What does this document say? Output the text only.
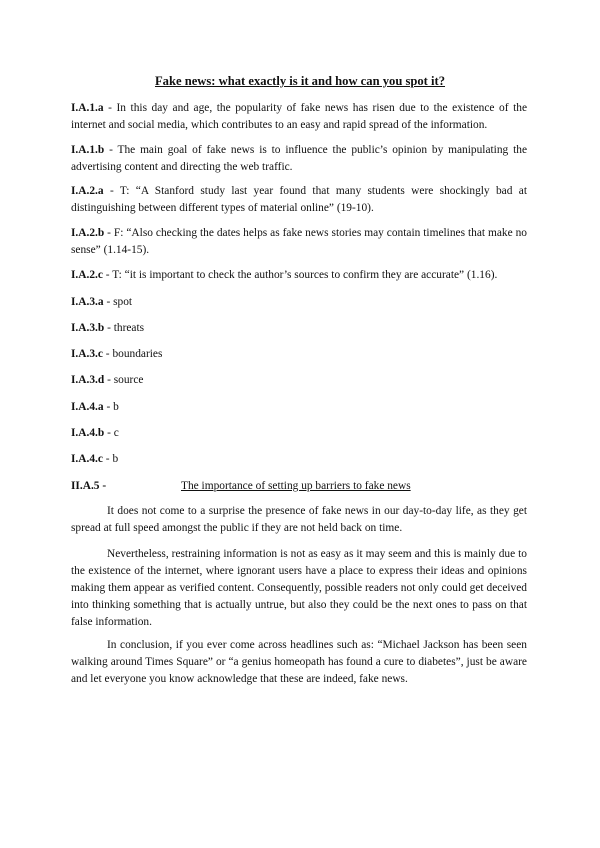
Fake news: what exactly is it and how can you spot it?
I.A.1.a - In this day and age, the popularity of fake news has risen due to the existence of the internet and social media, which contributes to an easy and rapid spread of the information.
I.A.1.b - The main goal of fake news is to influence the public’s opinion by manipulating the advertising content and directing the web traffic.
I.A.2.a - T: “A Stanford study last year found that many students were shockingly bad at distinguishing between different types of material online” (19-10).
I.A.2.b - F: “Also checking the dates helps as fake news stories may contain timelines that make no sense” (1.14-15).
I.A.2.c - T: “it is important to check the author’s sources to confirm they are accurate” (1.16).
I.A.3.a - spot
I.A.3.b - threats
I.A.3.c - boundaries
I.A.3.d - source
I.A.4.a - b
I.A.4.b - c
I.A.4.c - b
II.A.5 -	The importance of setting up barriers to fake news
It does not come to a surprise the presence of fake news in our day-to-day life, as they get spread at full speed amongst the public if they are not held back on time.
Nevertheless, restraining information is not as easy as it may seem and this is mainly due to the existence of the internet, where ignorant users have a place to express their ideas and opinions making them appear as verified content. Consequently, possible readers not only could get deceived into thinking something that is actually untrue, but also they could be the next ones to pass on that false information.
In conclusion, if you ever come across headlines such as: “Michael Jackson has been seen walking around Times Square” or “a genius homeopath has found a cure to diabetes”, just be aware and let everyone you know acknowledge that these are indeed, fake news.
